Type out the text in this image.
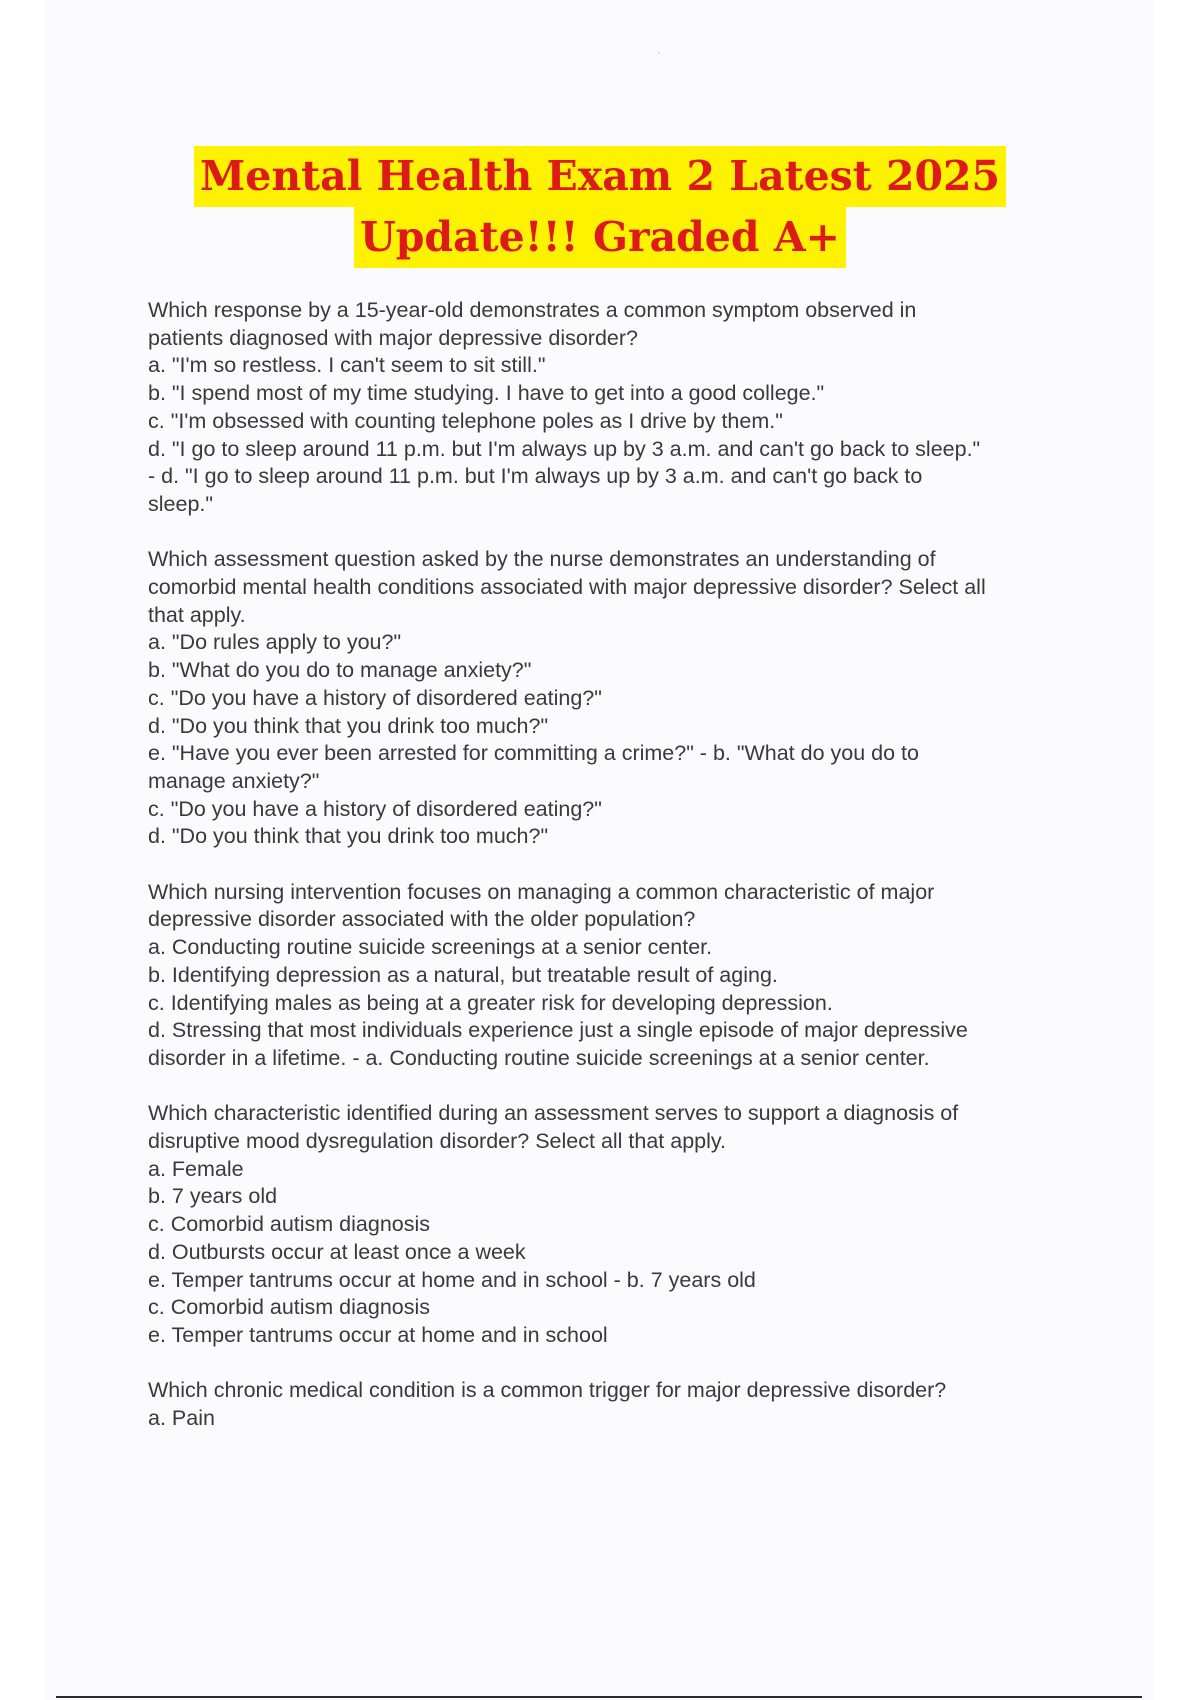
Mental Health Exam 2 Latest 2025
Update!!! Graded A+

Which response by a 15-year-old demonstrates a common symptom observed in

patients diagnosed with major depressive disorder?

a. "I'm so restless. I can't seem to sit still."

b. "I spend most of my time studying. I have to get into a good college."

c. "I'm obsessed with counting telephone poles as I drive by them."

d. "I go to sleep around 11 p.m. but I'm always up by 3 a.m. and can't go back to sleep."

- d. "I go to sleep around 11 p.m. but I'm always up by 3 a.m. and can't go back to

sleep."

Which assessment question asked by the nurse demonstrates an understanding of

comorbid mental health conditions associated with major depressive disorder? Select all

that apply.

a. "Do rules apply to you?"

b. "What do you do to manage anxiety?"

c. "Do you have a history of disordered eating?"

d. "Do you think that you drink too much?"

e. "Have you ever been arrested for committing a crime?" - b. "What do you do to

manage anxiety?"

c. "Do you have a history of disordered eating?"

d. "Do you think that you drink too much?"

Which nursing intervention focuses on managing a common characteristic of major

depressive disorder associated with the older population?

a. Conducting routine suicide screenings at a senior center.

b. Identifying depression as a natural, but treatable result of aging.

c. Identifying males as being at a greater risk for developing depression.

d. Stressing that most individuals experience just a single episode of major depressive

disorder in a lifetime. - a. Conducting routine suicide screenings at a senior center.

Which characteristic identified during an assessment serves to support a diagnosis of

disruptive mood dysregulation disorder? Select all that apply.

a. Female

b. 7 years old

c. Comorbid autism diagnosis

d. Outbursts occur at least once a week

e. Temper tantrums occur at home and in school - b. 7 years old

c. Comorbid autism diagnosis

e. Temper tantrums occur at home and in school

Which chronic medical condition is a common trigger for major depressive disorder?

a. Pain
